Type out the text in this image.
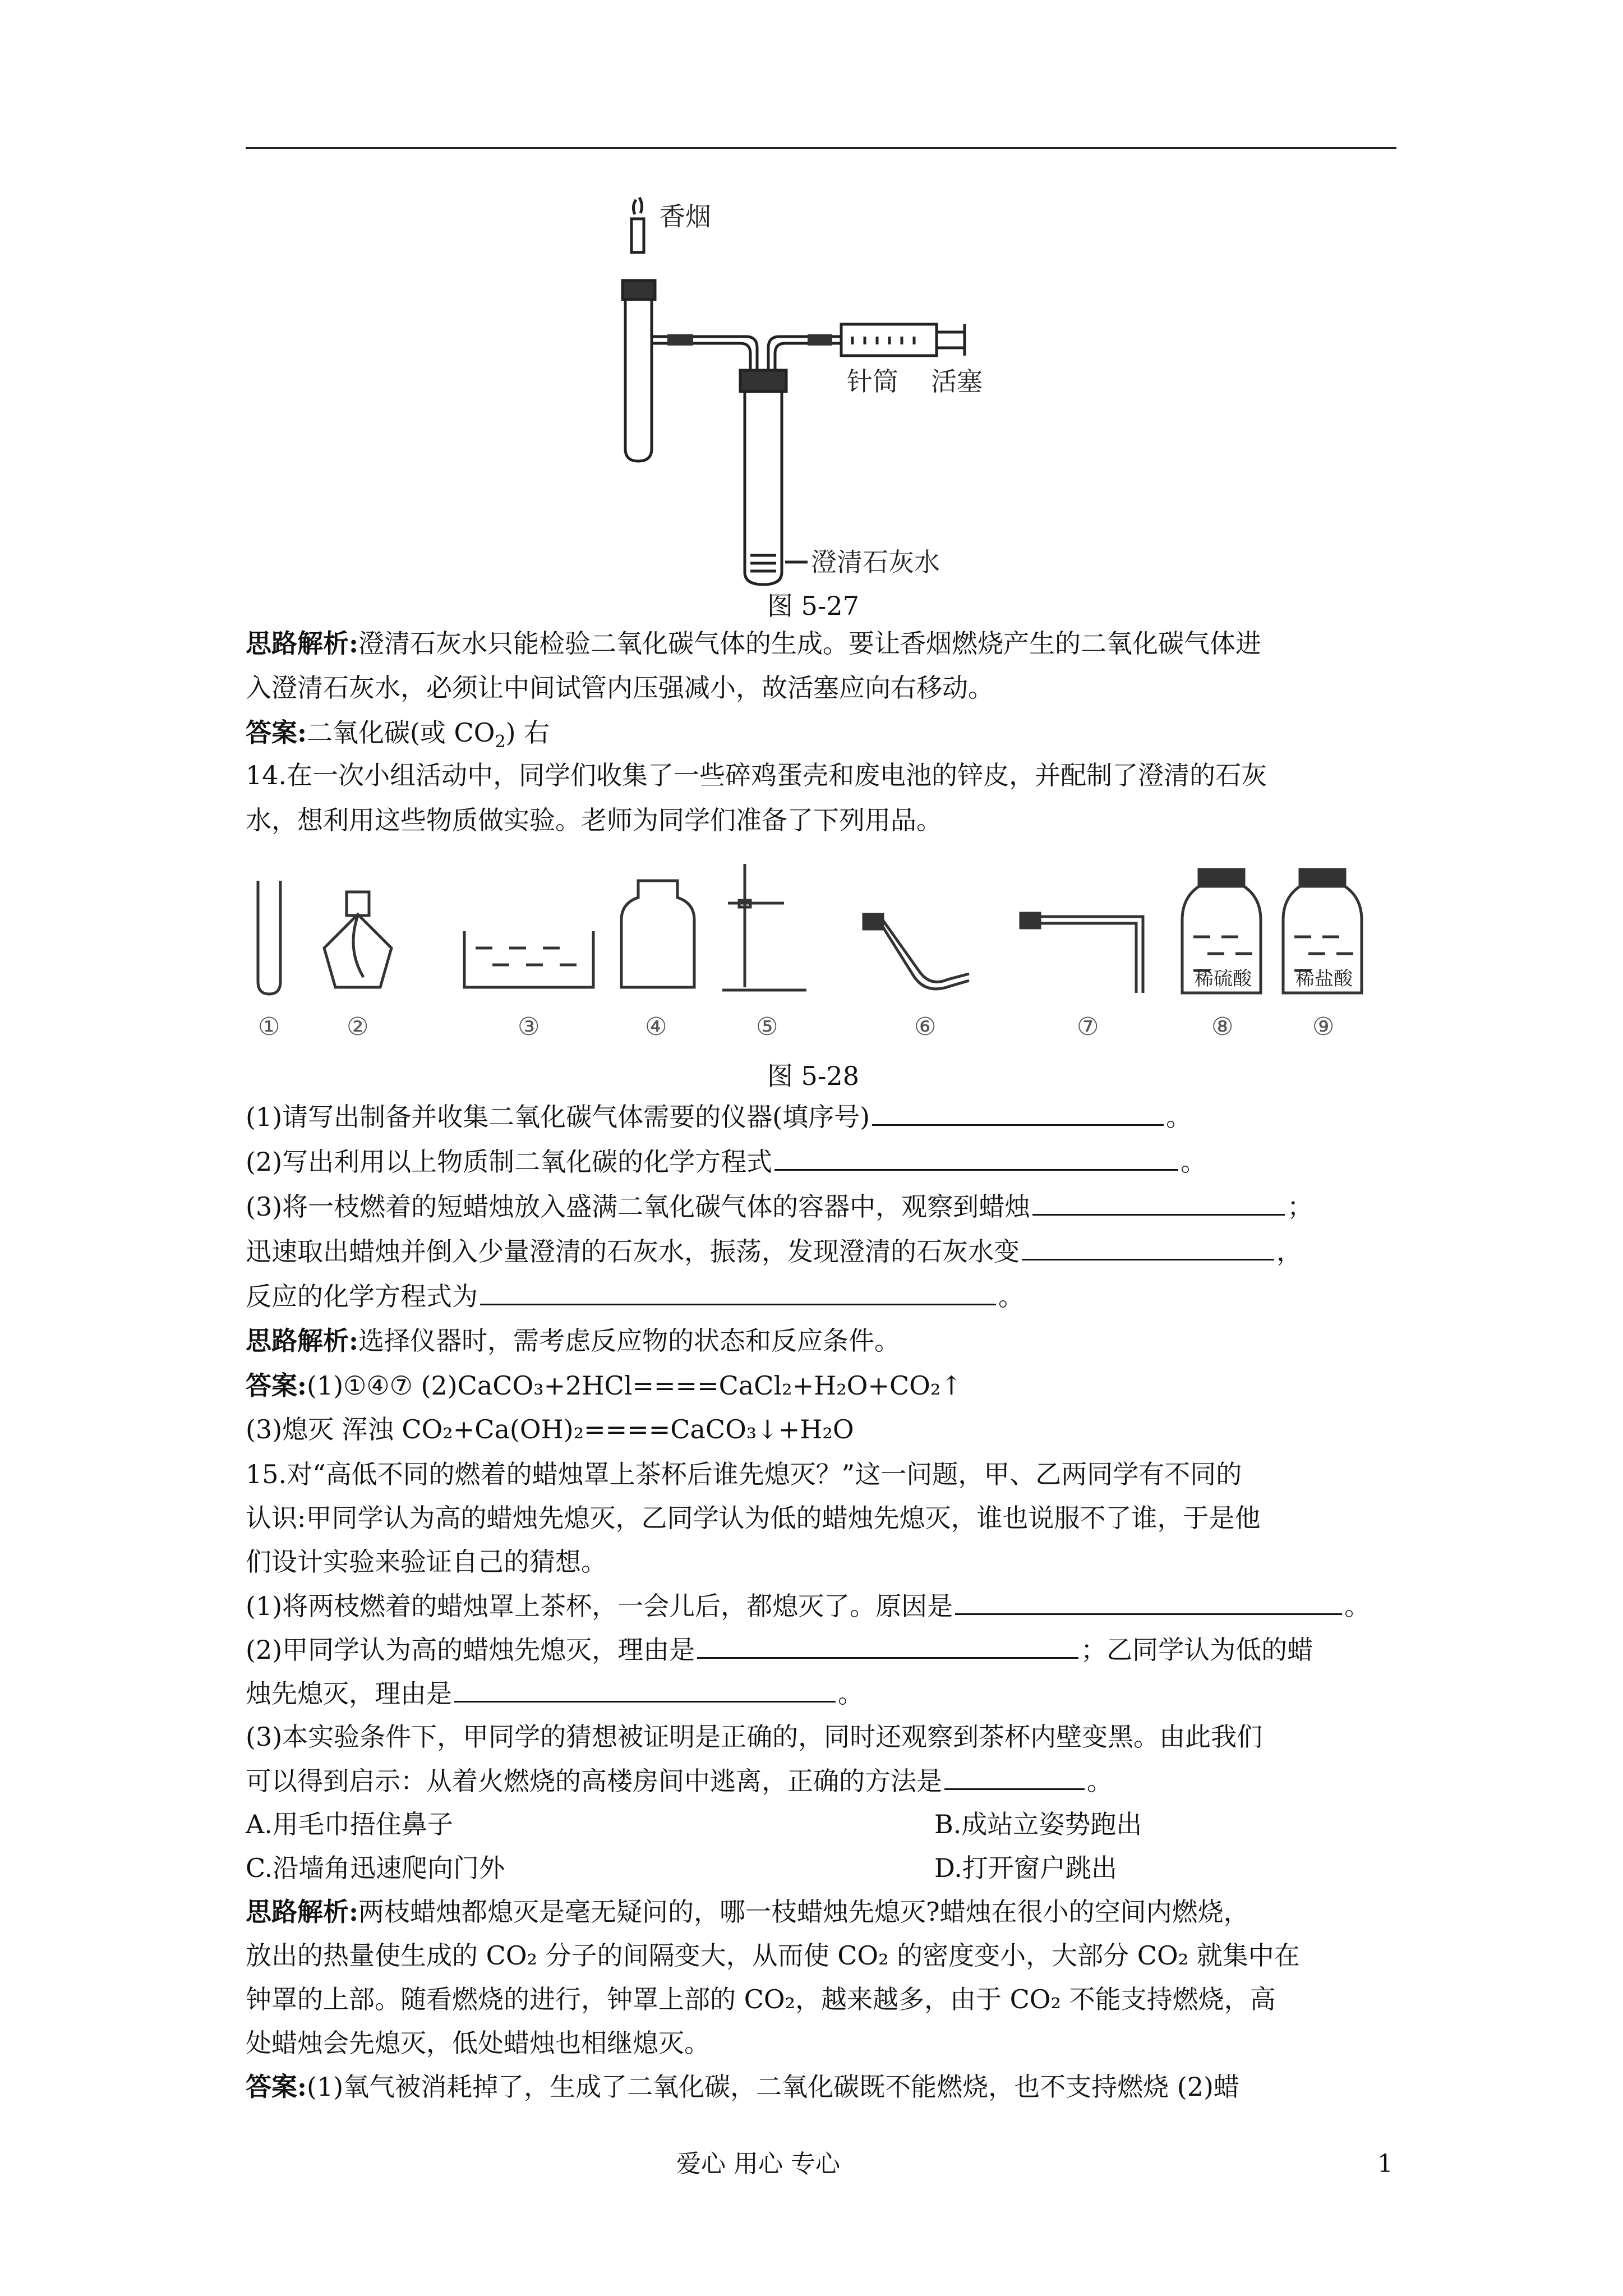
香烟
针筒 活塞
澄清石灰水
图 5-27
思路解析:澄清石灰水只能检验二氧化碳气体的生成。要让香烟燃烧产生的二氧化碳气体进
入澄清石灰水，必须让中间试管内压强减小，故活塞应向右移动。
答案:二氧化碳(或 $CO_2$) 右
14.在一次小组活动中，同学们收集了一些碎鸡蛋壳和废电池的锌皮，并配制了澄清的石灰
水，想利用这些物质做实验。老师为同学们准备了下列用品。
稀硫酸 稀盐酸
①	②	③	④	⑤	⑥	⑦	⑧	⑨
图 5-28
(1)请写出制备并收集二氧化碳气体需要的仪器(填序号)	。
(2)写出利用以上物质制二氧化碳的化学方程式	。
(3)将一枝燃着的短蜡烛放入盛满二氧化碳气体的容器中，观察到蜡烛	；
迅速取出蜡烛并倒入少量澄清的石灰水，振荡，发现澄清的石灰水变	，
反应的化学方程式为	。
思路解析:选择仪器时，需考虑反应物的状态和反应条件。
答案:(1)①④⑦ (2)CaCO₃+2HCl====CaCl₂+H₂O+CO₂↑
(3)熄灭 浑浊 CO₂+Ca(OH)₂====CaCO₃↓+H₂O
15.对“高低不同的燃着的蜡烛罩上茶杯后谁先熄灭？”这一问题，甲、乙两同学有不同的
认识:甲同学认为高的蜡烛先熄灭，乙同学认为低的蜡烛先熄灭，谁也说服不了谁，于是他
们设计实验来验证自己的猜想。
(1)将两枝燃着的蜡烛罩上茶杯，一会儿后，都熄灭了。原因是	。
(2)甲同学认为高的蜡烛先熄灭，理由是	；乙同学认为低的蜡
烛先熄灭，理由是	。
(3)本实验条件下，甲同学的猜想被证明是正确的，同时还观察到茶杯内壁变黑。由此我们
可以得到启示：从着火燃烧的高楼房间中逃离，正确的方法是	。
A.用毛巾捂住鼻子	B.成站立姿势跑出
C.沿墙角迅速爬向门外	D.打开窗户跳出
思路解析:两枝蜡烛都熄灭是毫无疑问的，哪一枝蜡烛先熄灭?蜡烛在很小的空间内燃烧，
放出的热量使生成的 CO₂ 分子的间隔变大，从而使 CO₂ 的密度变小，大部分 CO₂ 就集中在
钟罩的上部。随看燃烧的进行，钟罩上部的 CO₂，越来越多，由于 CO₂ 不能支持燃烧，高
处蜡烛会先熄灭，低处蜡烛也相继熄灭。
答案:(1)氧气被消耗掉了，生成了二氧化碳，二氧化碳既不能燃烧，也不支持燃烧 (2)蜡
爱心 用心 专心	1
